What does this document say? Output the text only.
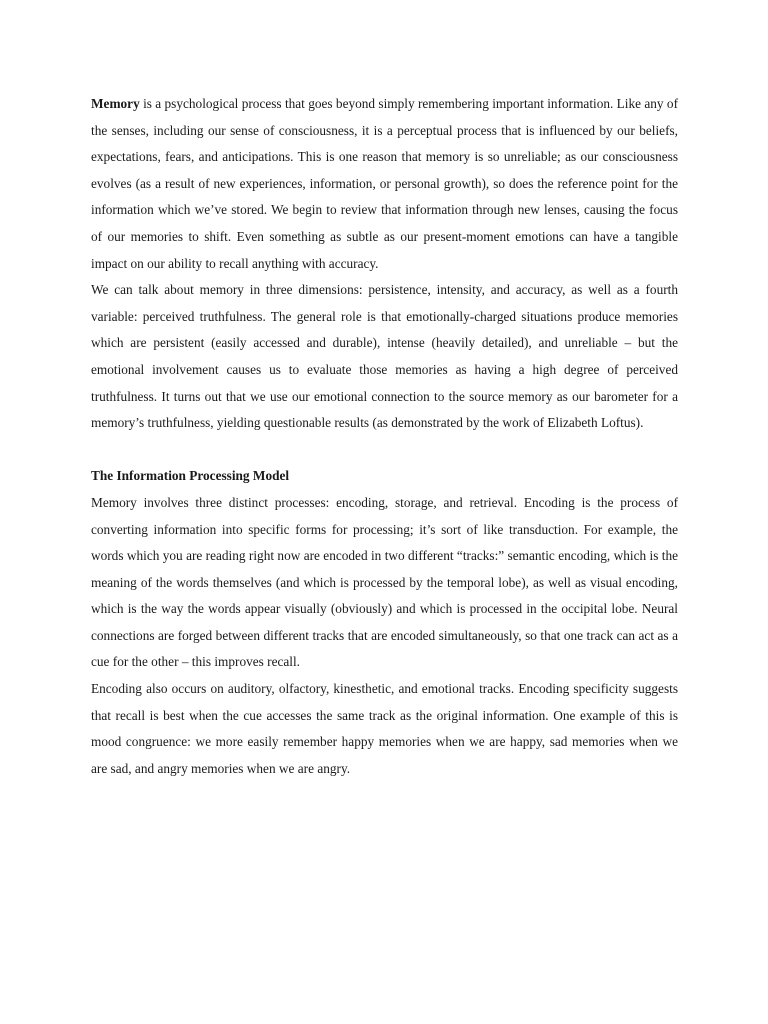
Memory is a psychological process that goes beyond simply remembering important information. Like any of the senses, including our sense of consciousness, it is a perceptual process that is influenced by our beliefs, expectations, fears, and anticipations. This is one reason that memory is so unreliable; as our consciousness evolves (as a result of new experiences, information, or personal growth), so does the reference point for the information which we’ve stored. We begin to review that information through new lenses, causing the focus of our memories to shift. Even something as subtle as our present-moment emotions can have a tangible impact on our ability to recall anything with accuracy.

We can talk about memory in three dimensions: persistence, intensity, and accuracy, as well as a fourth variable: perceived truthfulness. The general role is that emotionally-charged situations produce memories which are persistent (easily accessed and durable), intense (heavily detailed), and unreliable – but the emotional involvement causes us to evaluate those memories as having a high degree of perceived truthfulness. It turns out that we use our emotional connection to the source memory as our barometer for a memory’s truthfulness, yielding questionable results (as demonstrated by the work of Elizabeth Loftus).

The Information Processing Model

Memory involves three distinct processes: encoding, storage, and retrieval. Encoding is the process of converting information into specific forms for processing; it’s sort of like transduction. For example, the words which you are reading right now are encoded in two different “tracks:” semantic encoding, which is the meaning of the words themselves (and which is processed by the temporal lobe), as well as visual encoding, which is the way the words appear visually (obviously) and which is processed in the occipital lobe. Neural connections are forged between different tracks that are encoded simultaneously, so that one track can act as a cue for the other – this improves recall.

Encoding also occurs on auditory, olfactory, kinesthetic, and emotional tracks. Encoding specificity suggests that recall is best when the cue accesses the same track as the original information. One example of this is mood congruence: we more easily remember happy memories when we are happy, sad memories when we are sad, and angry memories when we are angry.
